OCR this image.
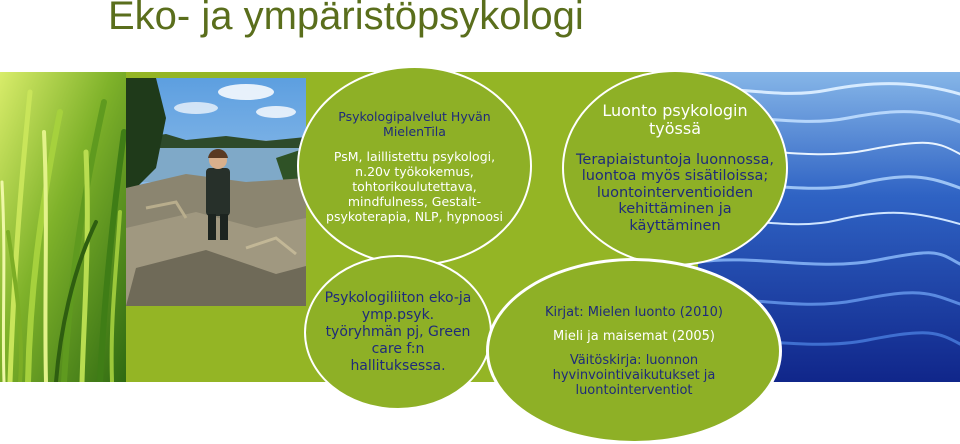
Eko- ja ympäristöpsykologi
Psykologipalvelut Hyvän MielenTila
PsM, laillistettu psykologi, n.20v työkokemus, tohtorikoulutettava, mindfulness, Gestalt-psykoterapia, NLP, hypnoosi
Luonto psykologin työssä
Terapiaistuntoja luonnossa, luontoa myös sisätiloissa; luontointerventioiden kehittäminen ja käyttäminen
Psykologiliiton eko-ja ymp.psyk. työryhmän pj, Green care f:n hallituksessa.
Kirjat: Mielen luonto (2010)
Mieli ja maisemat (2005)
Väitöskirja: luonnon hyvinvointivaikutukset ja luontointerventiot
